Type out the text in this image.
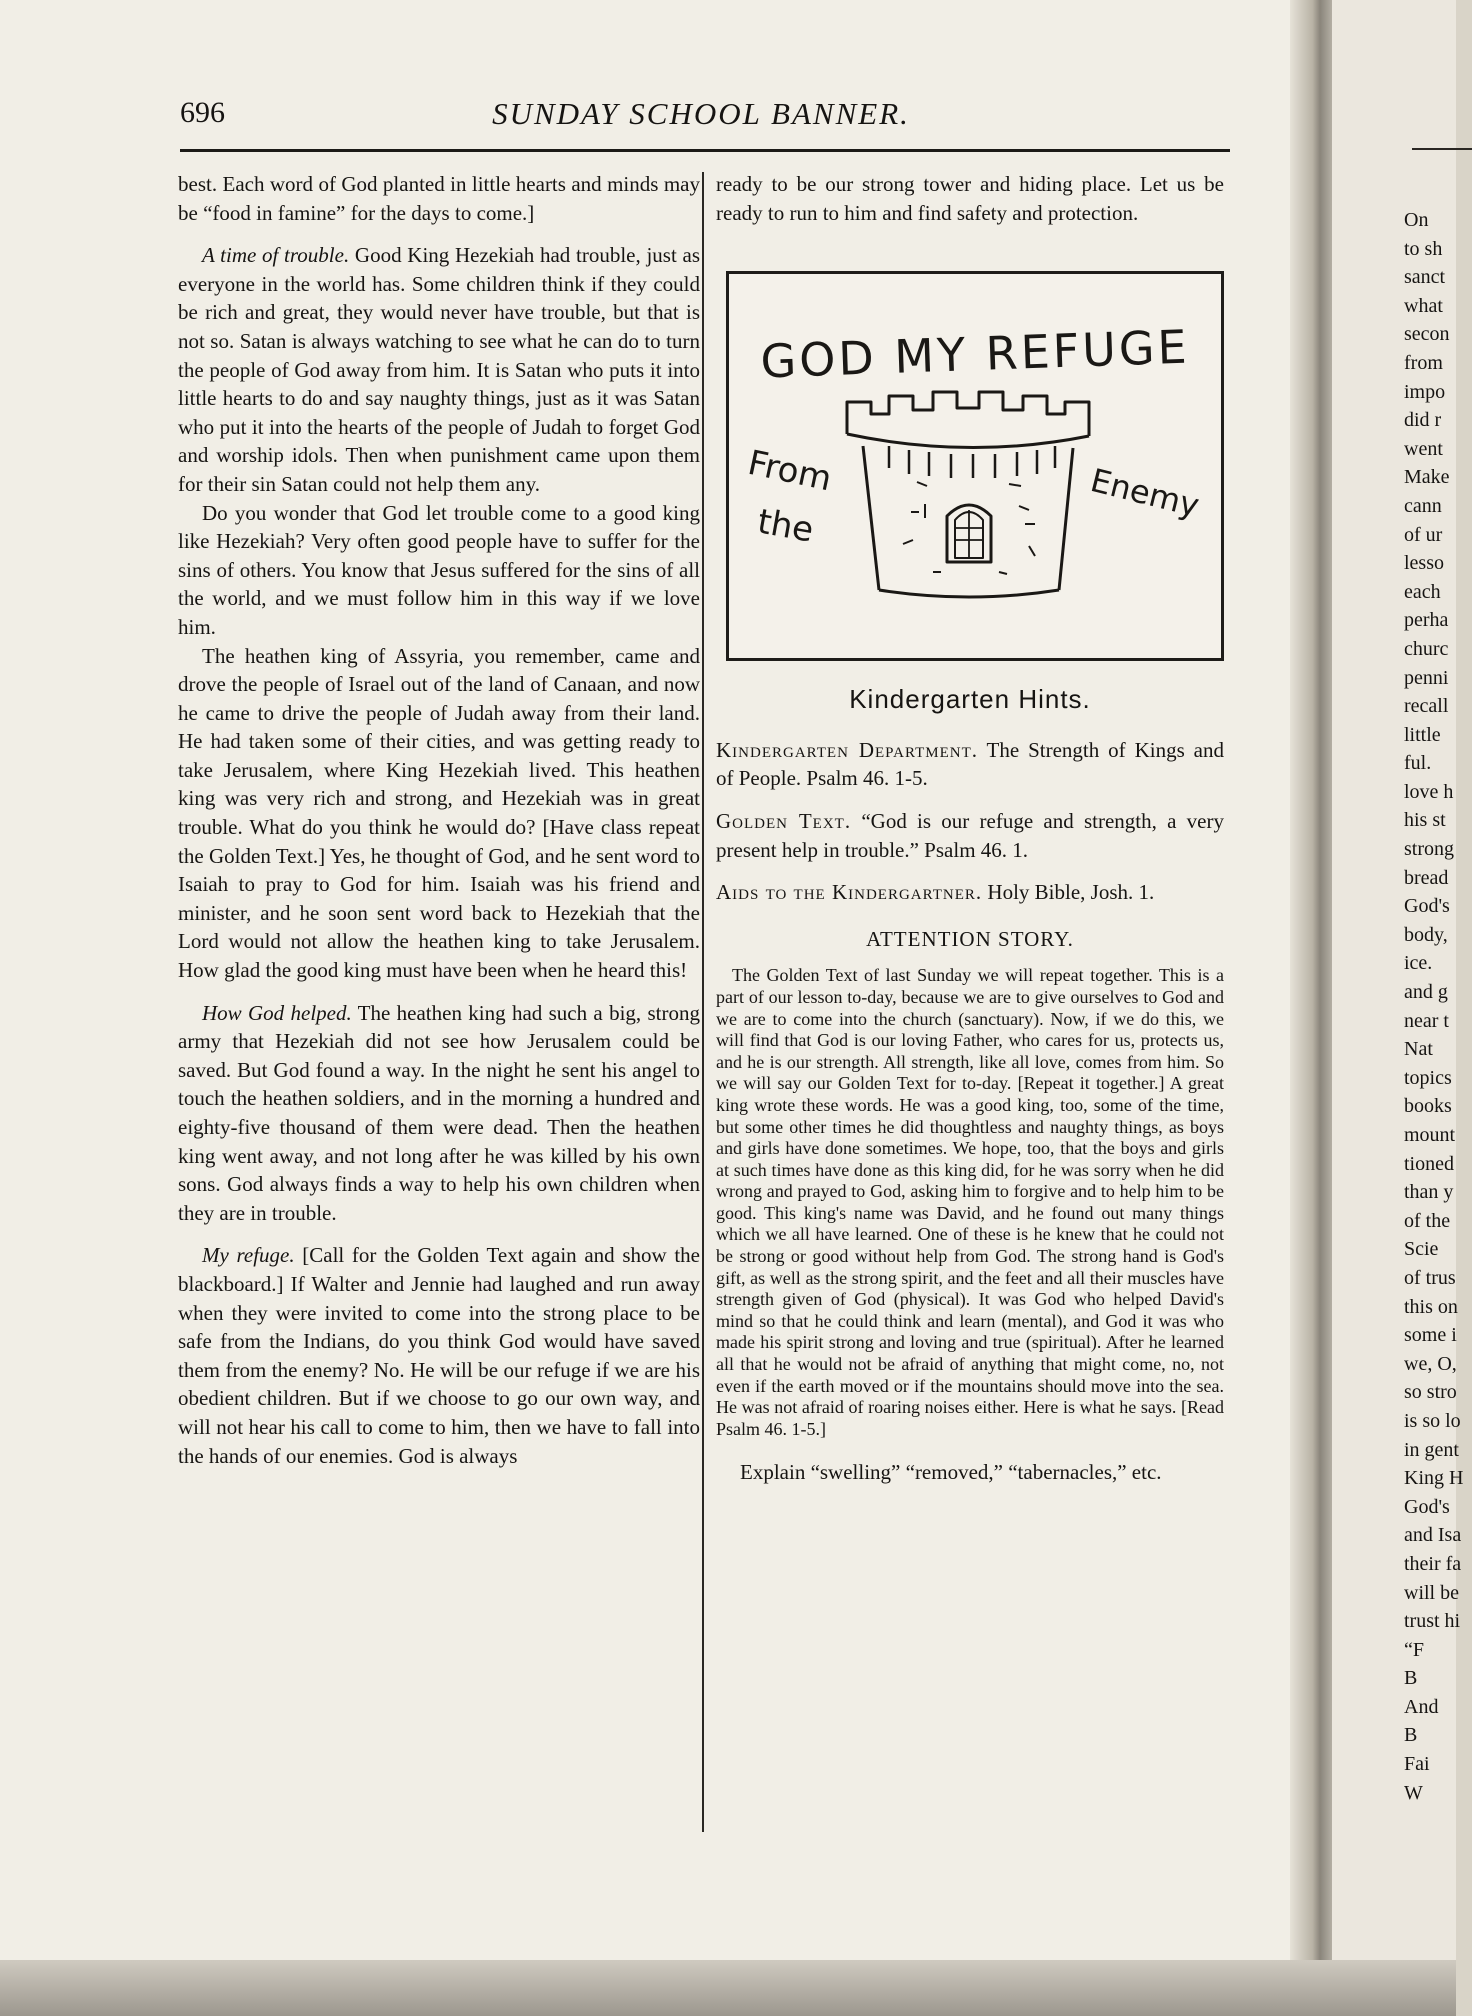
696	SUNDAY SCHOOL BANNER.

best. Each word of God planted in little hearts and minds may be “food in famine” for the days to come.]

A time of trouble. Good King Hezekiah had trouble, just as everyone in the world has. Some children think if they could be rich and great, they would never have trouble, but that is not so. Satan is always watching to see what he can do to turn the people of God away from him. It is Satan who puts it into little hearts to do and say naughty things, just as it was Satan who put it into the hearts of the people of Judah to forget God and worship idols. Then when punishment came upon them for their sin Satan could not help them any.

Do you wonder that God let trouble come to a good king like Hezekiah? Very often good people have to suffer for the sins of others. You know that Jesus suffered for the sins of all the world, and we must follow him in this way if we love him.

The heathen king of Assyria, you remember, came and drove the people of Israel out of the land of Canaan, and now he came to drive the people of Judah away from their land. He had taken some of their cities, and was getting ready to take Jerusalem, where King Hezekiah lived. This heathen king was very rich and strong, and Hezekiah was in great trouble. What do you think he would do? [Have class repeat the Golden Text.] Yes, he thought of God, and he sent word to Isaiah to pray to God for him. Isaiah was his friend and minister, and he soon sent word back to Hezekiah that the Lord would not allow the heathen king to take Jerusalem. How glad the good king must have been when he heard this!

How God helped. The heathen king had such a big, strong army that Hezekiah did not see how Jerusalem could be saved. But God found a way. In the night he sent his angel to touch the heathen soldiers, and in the morning a hundred and eighty-five thousand of them were dead. Then the heathen king went away, and not long after he was killed by his own sons. God always finds a way to help his own children when they are in trouble.

My refuge. [Call for the Golden Text again and show the blackboard.] If Walter and Jennie had laughed and run away when they were invited to come into the strong place to be safe from the Indians, do you think God would have saved them from the enemy? No. He will be our refuge if we are his obedient children. But if we choose to go our own way, and will not hear his call to come to him, then we have to fall into the hands of our enemies. God is always

ready to be our strong tower and hiding place. Let us be ready to run to him and find safety and protection.

GOD MY REFUGE
From
the
Enemy
Kindergarten Hints.

Kindergarten Department. The Strength of Kings and of People. Psalm 46. 1-5.

Golden Text. “God is our refuge and strength, a very present help in trouble.” Psalm 46. 1.

Aids to the Kindergartner. Holy Bible, Josh. 1.

ATTENTION STORY.

The Golden Text of last Sunday we will repeat together. This is a part of our lesson to-day, because we are to give ourselves to God and we are to come into the church (sanctuary). Now, if we do this, we will find that God is our loving Father, who cares for us, protects us, and he is our strength. All strength, like all love, comes from him. So we will say our Golden Text for to-day. [Repeat it together.] A great king wrote these words. He was a good king, too, some of the time, but some other times he did thoughtless and naughty things, as boys and girls have done sometimes. We hope, too, that the boys and girls at such times have done as this king did, for he was sorry when he did wrong and prayed to God, asking him to forgive and to help him to be good. This king's name was David, and he found out many things which we all have learned. One of these is he knew that he could not be strong or good without help from God. The strong hand is God's gift, as well as the strong spirit, and the feet and all their muscles have strength given of God (physical). It was God who helped David's mind so that he could think and learn (mental), and God it was who made his spirit strong and loving and true (spiritual). After he learned all that he would not be afraid of anything that might come, no, not even if the earth moved or if the mountains should move into the sea. He was not afraid of roaring noises either. Here is what he says. [Read Psalm 46. 1-5.]

Explain “swelling” “removed,” “tabernacles,” etc.

On
to sh
sanct
what
secon
from
impo
did r
went
Make
cann
of ur
lesso
each
perha
churc
penni
recall
little
ful.
love h
his st
strong
bread
God's
body,
ice.
and g
near t
Nat
topics
books
mount
tioned
than y
of the
Scie
of trus
this on
some i
we, O,
so stro
is so lo
in gent
King H
God's
and Isa
their fa
will be
trust hi
“F
B
And
B
Fai
W
